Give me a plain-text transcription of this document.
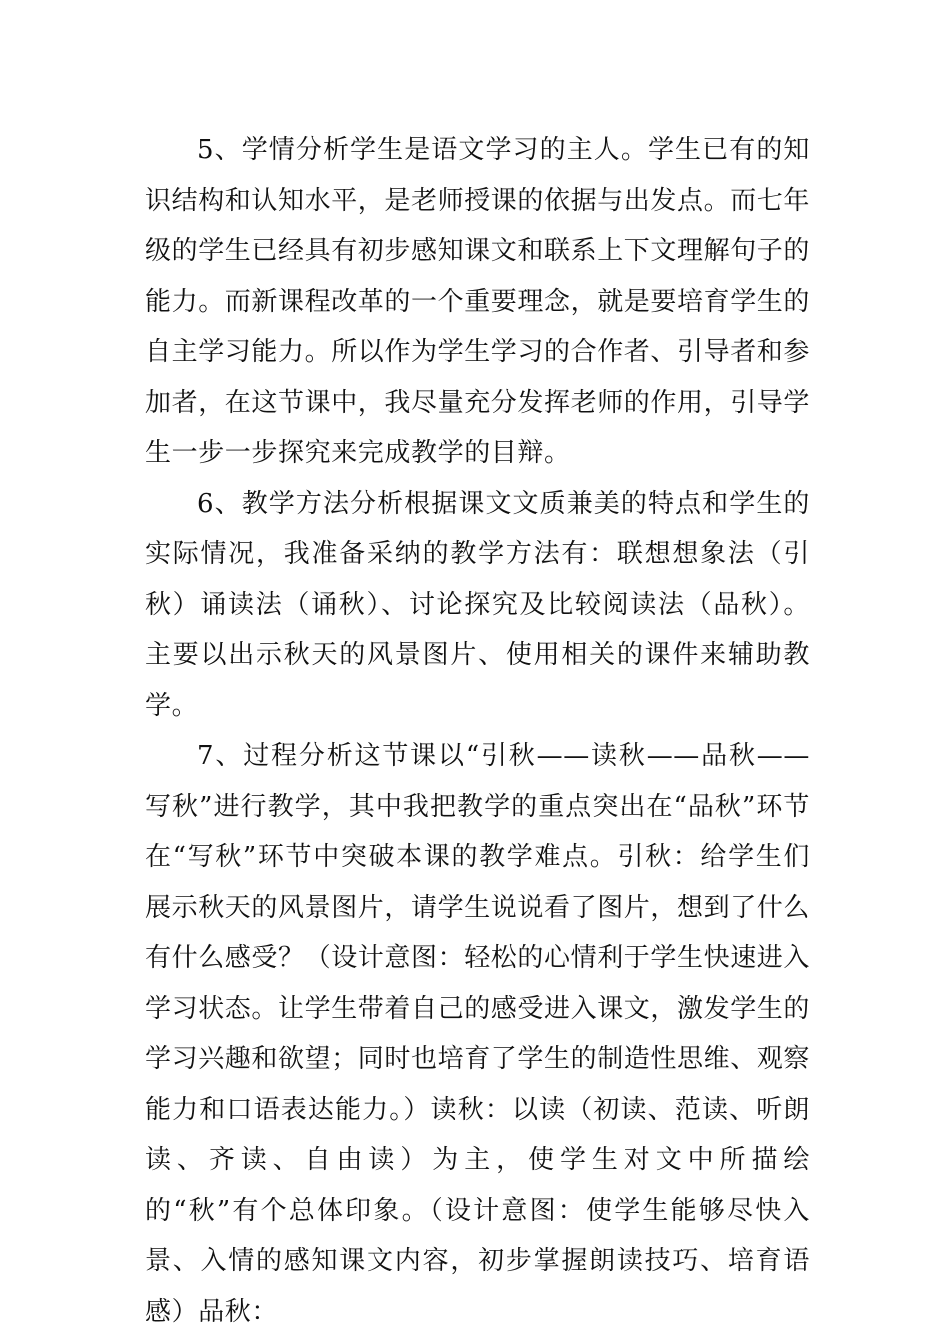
5、学情分析学生是语文学习的主人。学生已有的知识结构和认知水平，是老师授课的依据与出发点。而七年级的学生已经具有初步感知课文和联系上下文理解句子的能力。而新课程改革的一个重要理念，就是要培育学生的自主学习能力。所以作为学生学习的合作者、引导者和参加者，在这节课中，我尽量充分发挥老师的作用，引导学生一步一步探究来完成教学的目辩。

6、教学方法分析根据课文文质兼美的特点和学生的实际情况，我准备采纳的教学方法有：联想想象法（引秋）诵读法（诵秋）、讨论探究及比较阅读法（品秋）。主要以出示秋天的风景图片、使用相关的课件来辅助教学。

7、过程分析这节课以“引秋——读秋——品秋——写秋”进行教学，其中我把教学的重点突出在“品秋”环节在“写秋”环节中突破本课的教学难点。引秋：给学生们展示秋天的风景图片，请学生说说看了图片，想到了什么有什么感受？（设计意图：轻松的心情利于学生快速进入学习状态。让学生带着自己的感受进入课文，激发学生的学习兴趣和欲望；同时也培育了学生的制造性思维、观察能力和口语表达能力。）读秋：以读（初读、范读、听朗读、齐读、自由读）为主，使学生对文中所描绘的“秋”有个总体印象。（设计意图：使学生能够尽快入景、入情的感知课文内容，初步掌握朗读技巧、培育语感）品秋：
